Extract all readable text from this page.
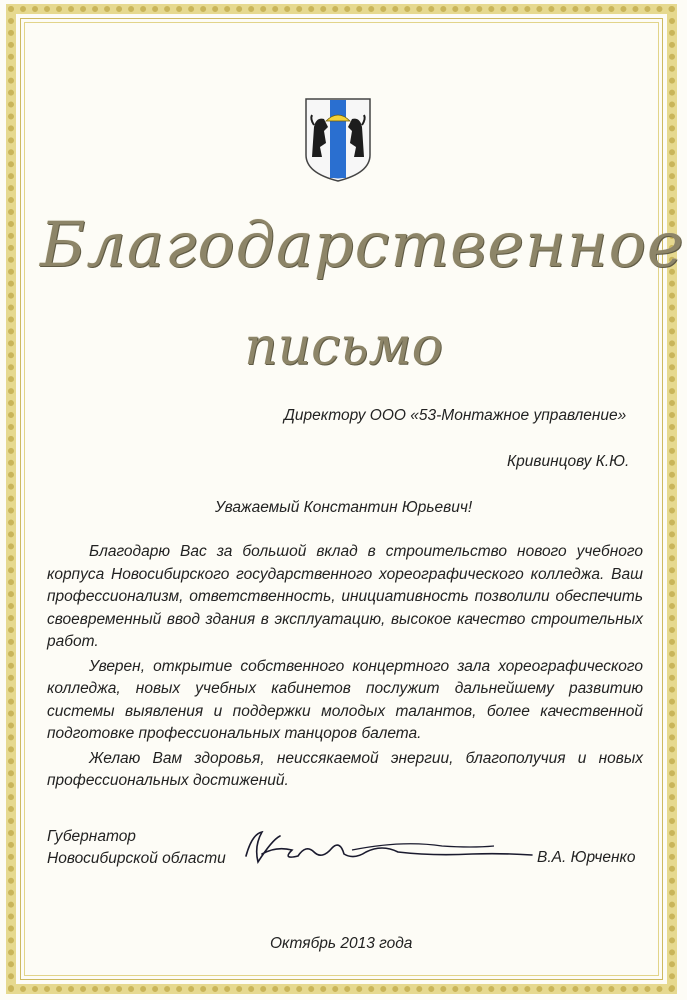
Благодарственное
письмо
Директору ООО «53-Монтажное управление»
Кривинцову К.Ю.
Уважаемый Константин Юрьевич!

Благодарю Вас за большой вклад в строительство нового учебного корпуса Новосибирского государственного хореографического колледжа. Ваш профессионализм, ответственность, инициативность позволили обеспечить своевременный ввод здания в эксплуатацию, высокое качество строительных работ.

Уверен, открытие собственного концертного зала хореографического колледжа, новых учебных кабинетов послужит дальнейшему развитию системы выявления и поддержки молодых талантов, более качественной подготовке профессиональных танцоров балета.

Желаю Вам здоровья, неиссякаемой энергии, благополучия и новых профессиональных достижений.

Губернатор
Новосибирской области	В.А. Юрченко
Октябрь 2013 года
